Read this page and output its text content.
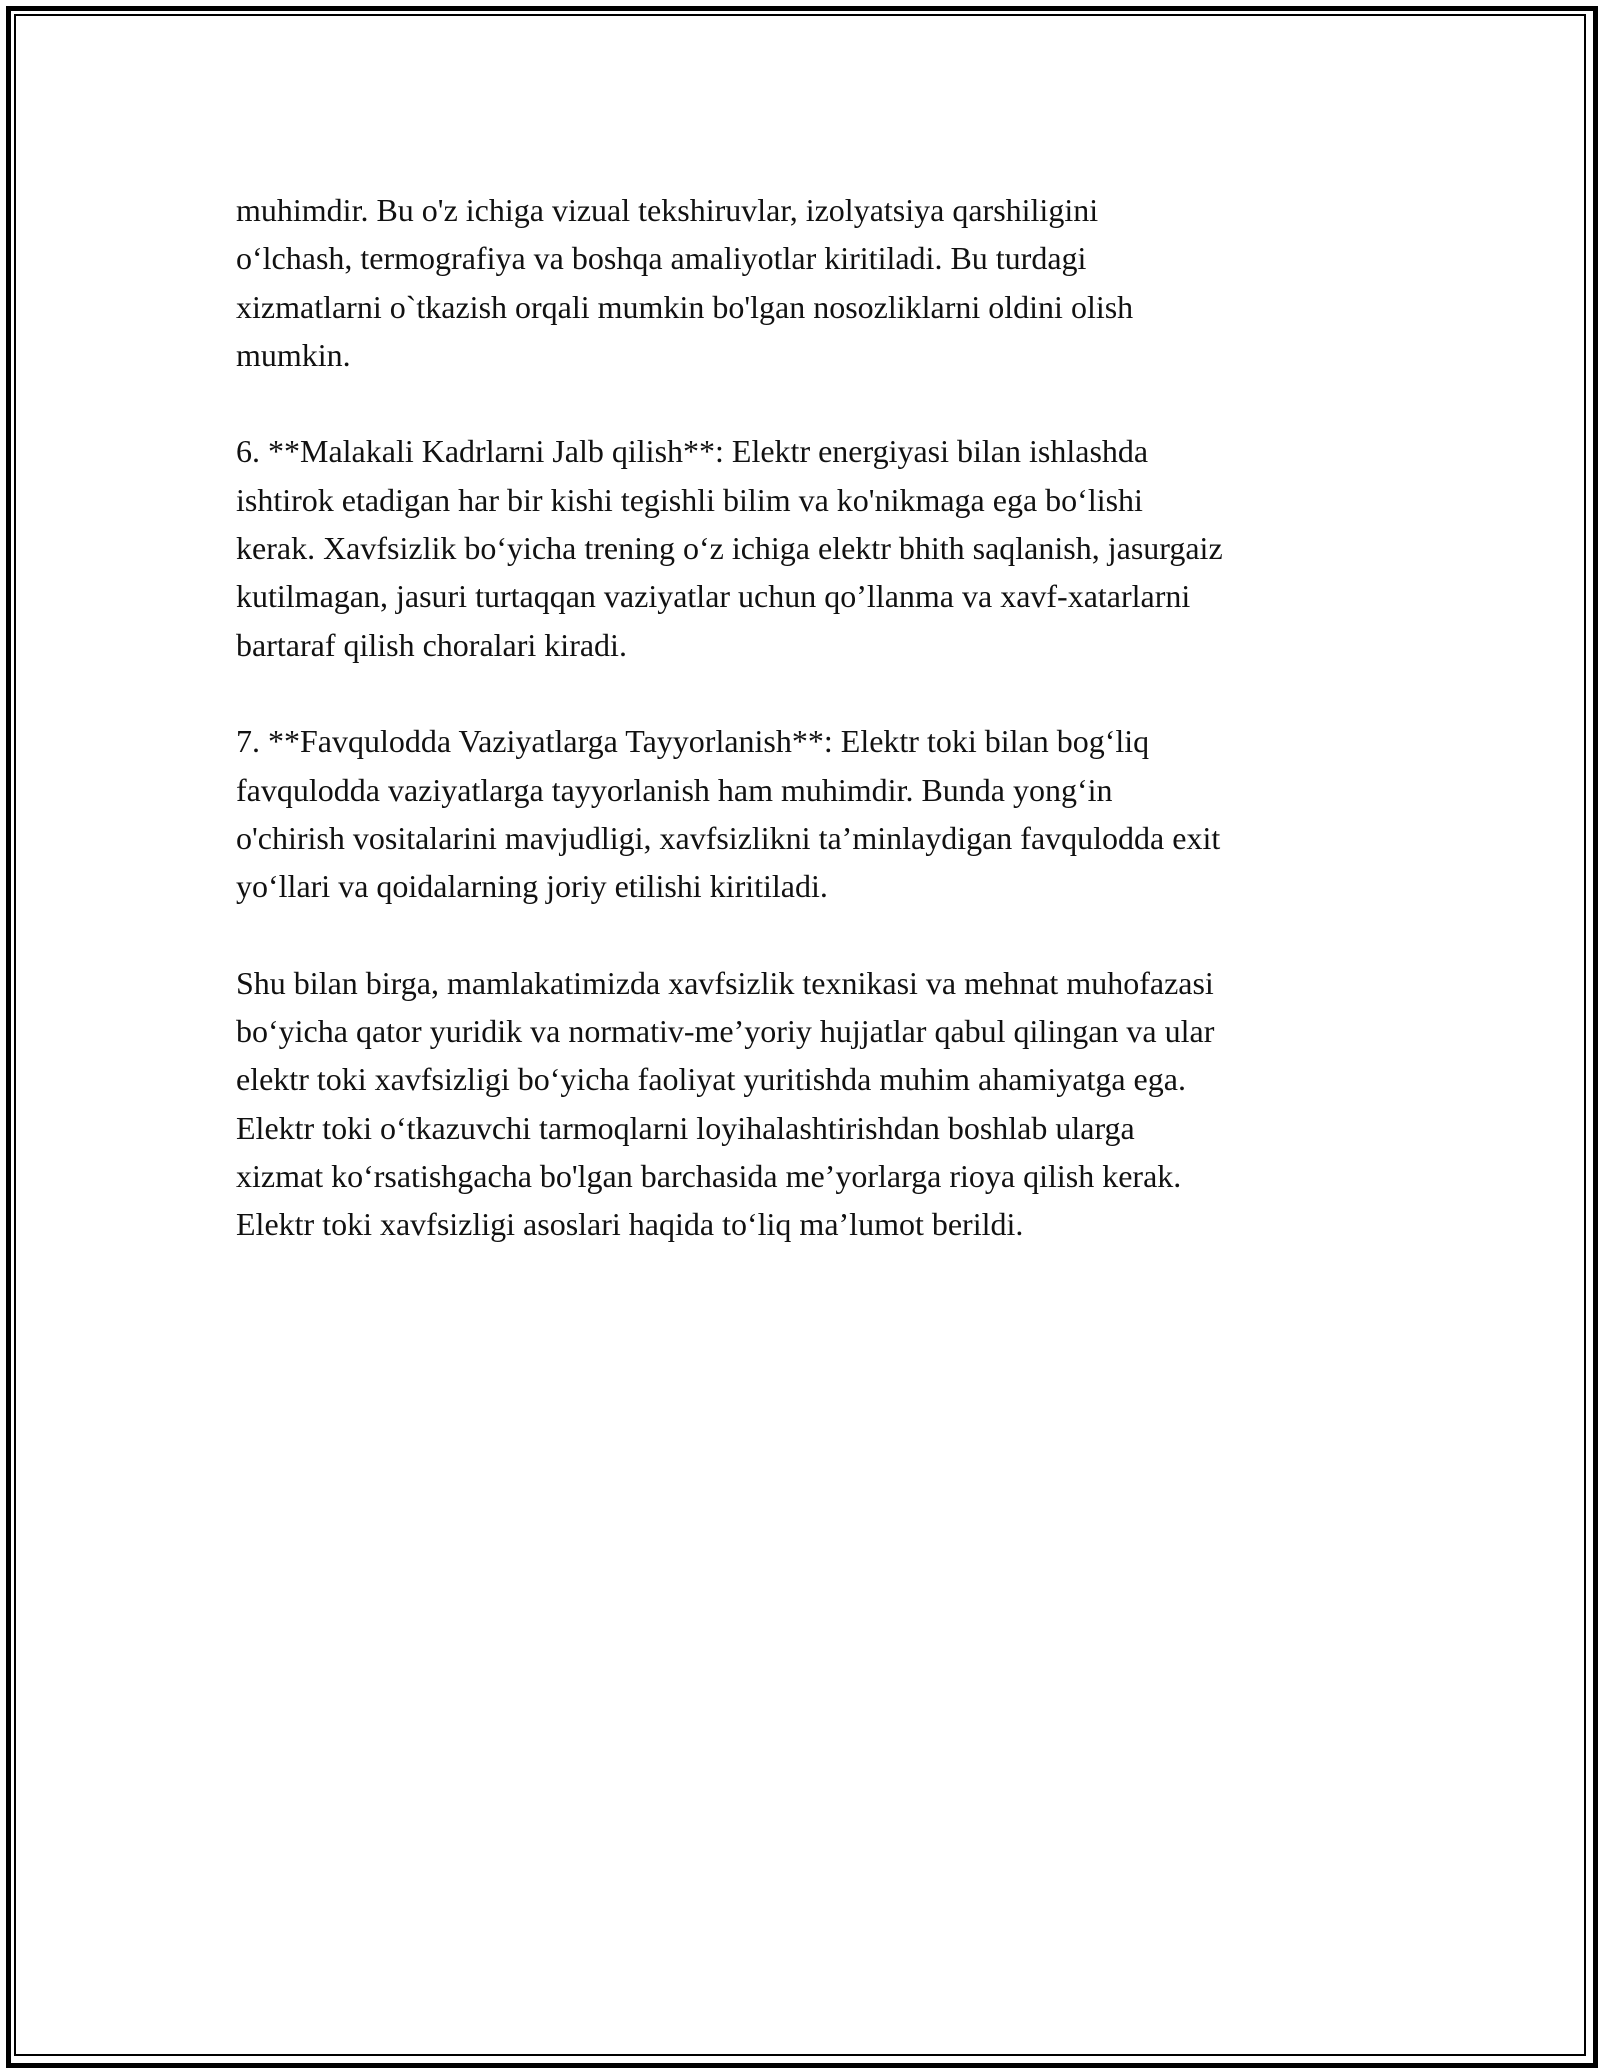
muhimdir. Bu o'z ichiga vizual tekshiruvlar, izolyatsiya qarshiligini
o‘lchash, termografiya va boshqa amaliyotlar kiritiladi. Bu turdagi
xizmatlarni o`tkazish orqali mumkin bo'lgan nosozliklarni oldini olish
mumkin.
6. **Malakali Kadrlarni Jalb qilish**: Elektr energiyasi bilan ishlashda
ishtirok etadigan har bir kishi tegishli bilim va ko'nikmaga ega bo‘lishi
kerak. Xavfsizlik bo‘yicha trening o‘z ichiga elektr bhith saqlanish, jasurgaiz
kutilmagan, jasuri turtaqqan vaziyatlar uchun qo’llanma va xavf-xatarlarni
bartaraf qilish choralari kiradi.
7. **Favqulodda Vaziyatlarga Tayyorlanish**: Elektr toki bilan bog‘liq
favqulodda vaziyatlarga tayyorlanish ham muhimdir. Bunda yong‘in
o'chirish vositalarini mavjudligi, xavfsizlikni ta’minlaydigan favqulodda exit
yo‘llari va qoidalarning joriy etilishi kiritiladi.
Shu bilan birga, mamlakatimizda xavfsizlik texnikasi va mehnat muhofazasi
bo‘yicha qator yuridik va normativ-me’yoriy hujjatlar qabul qilingan va ular
elektr toki xavfsizligi bo‘yicha faoliyat yuritishda muhim ahamiyatga ega.
Elektr toki o‘tkazuvchi tarmoqlarni loyihalashtirishdan boshlab ularga
xizmat ko‘rsatishgacha bo'lgan barchasida me’yorlarga rioya qilish kerak.
Elektr toki xavfsizligi asoslari haqida to‘liq ma’lumot berildi.
